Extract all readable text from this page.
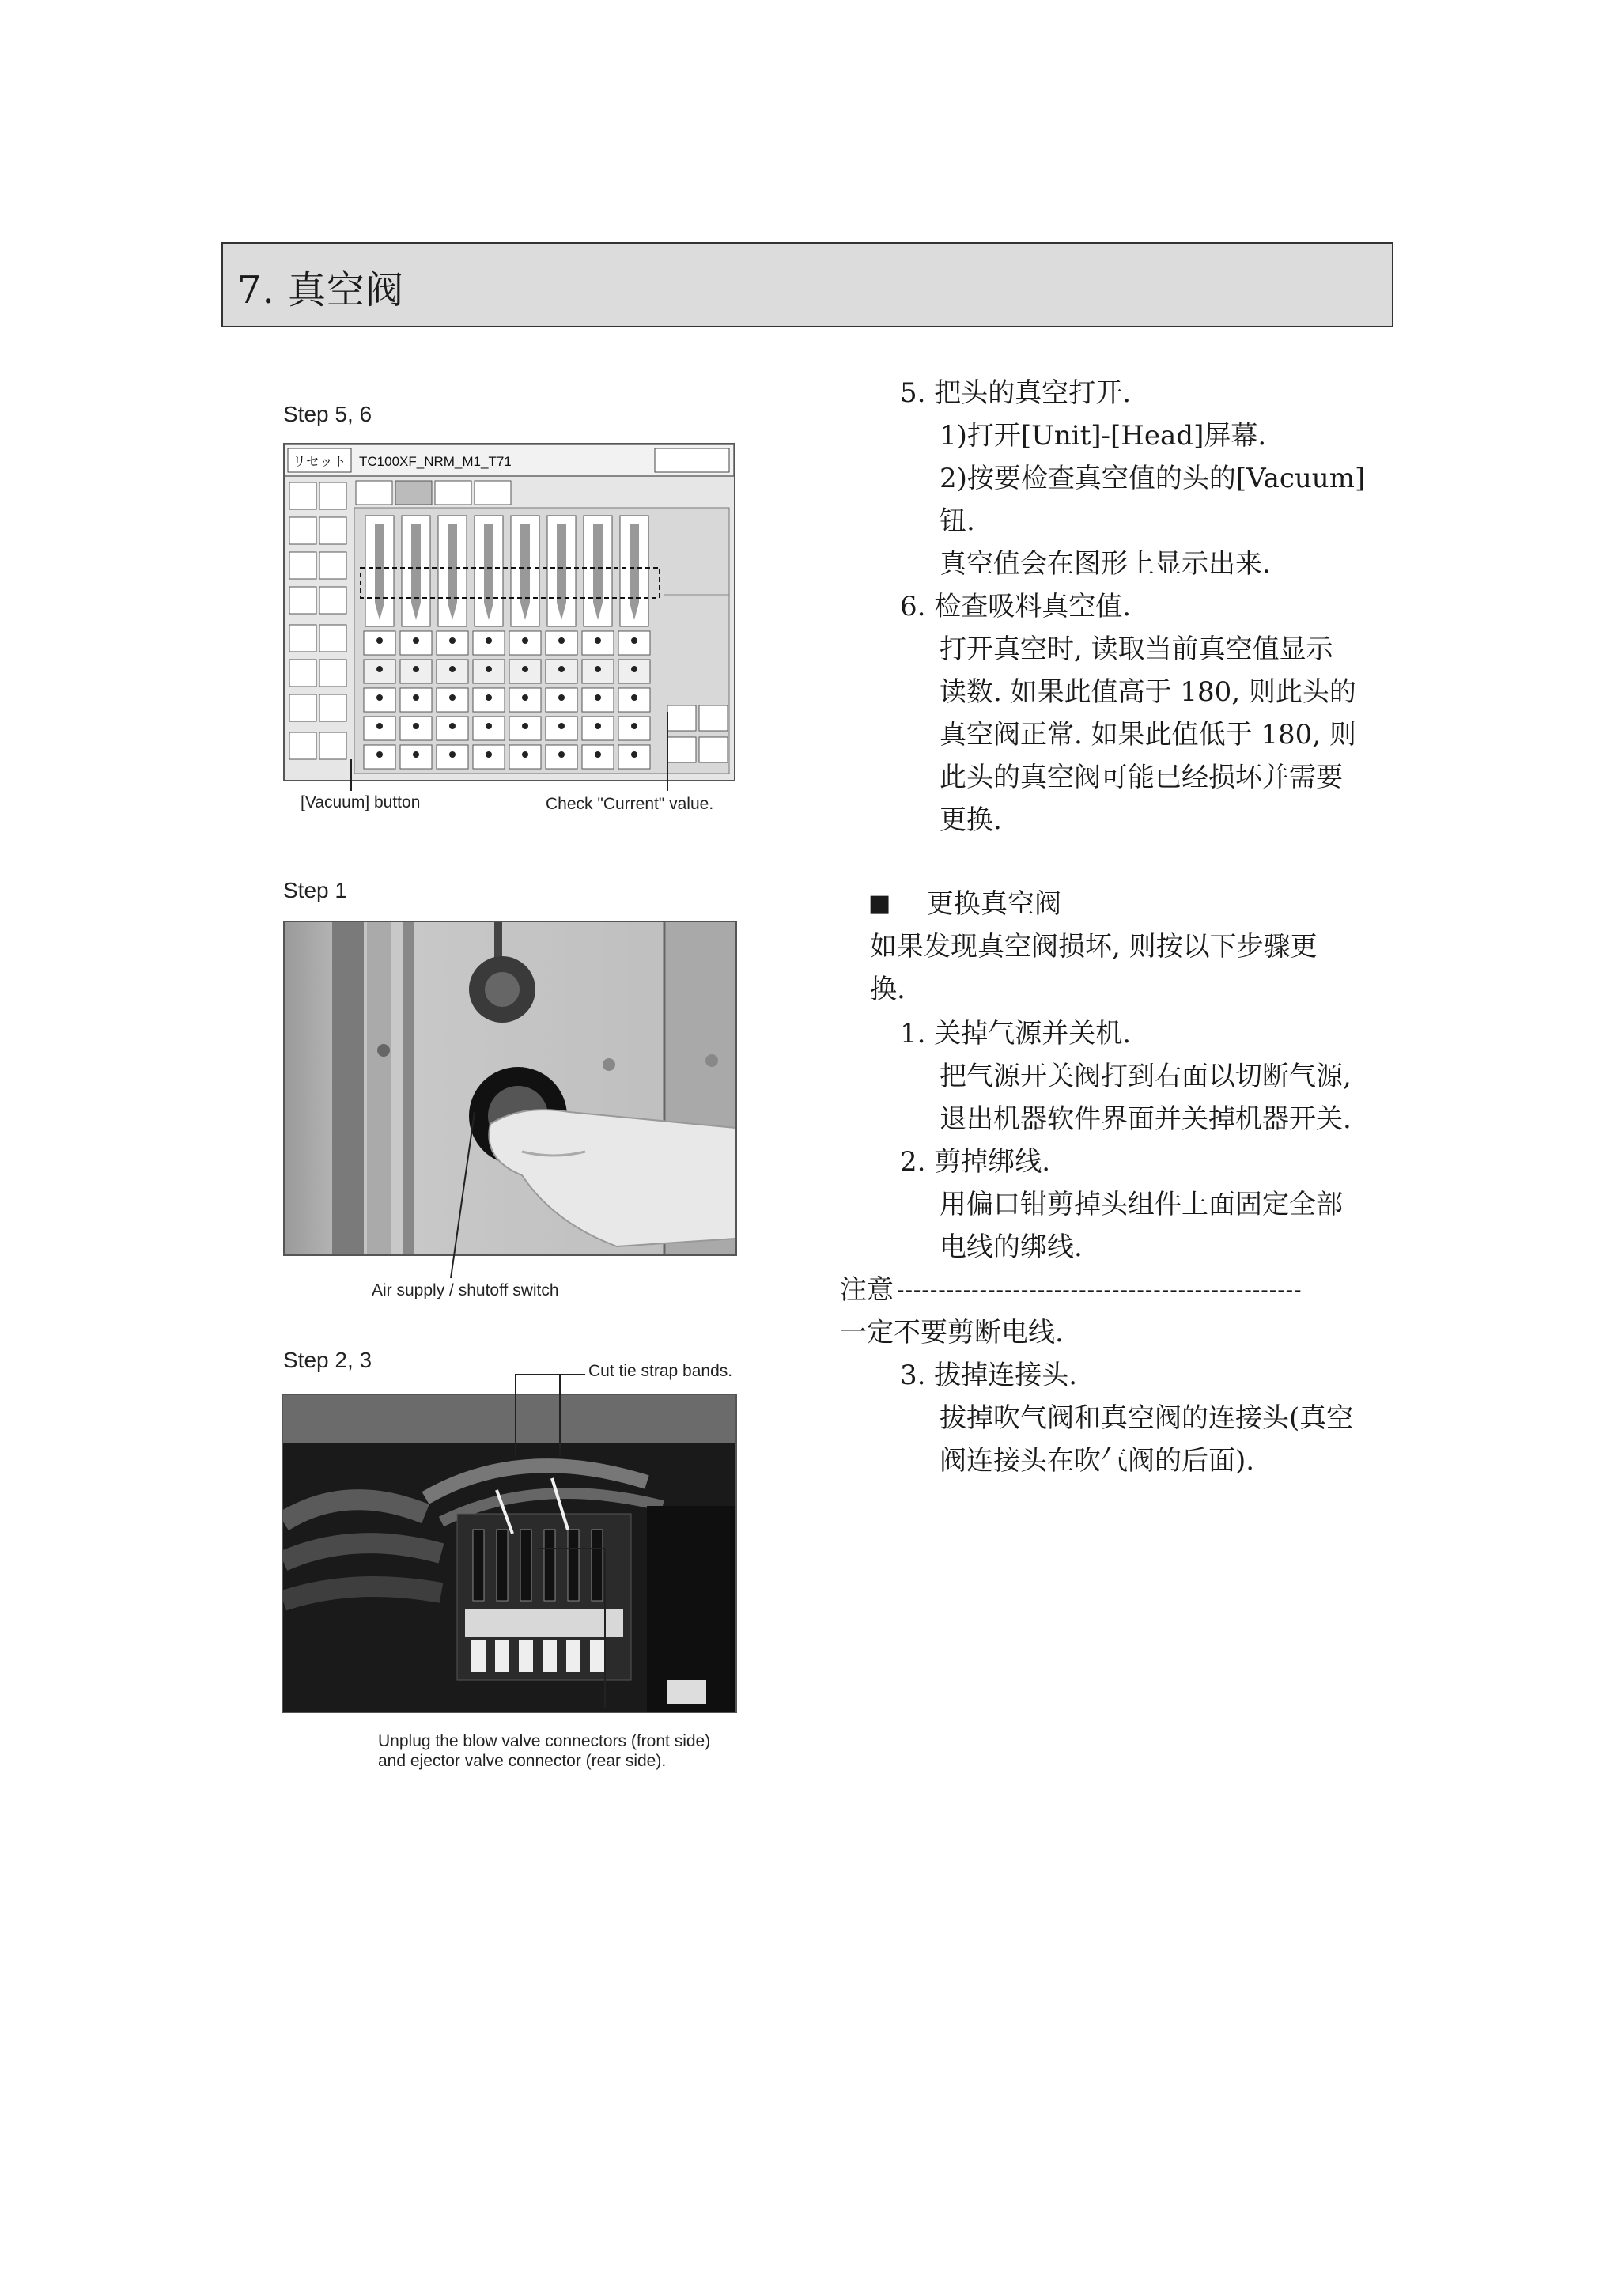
7. 真空阀
Step 5, 6
リセット TC100XF_NRM_M1_T71
[Vacuum] button	Check "Current" value.
Step 1
Air supply / shutoff switch
Step 2, 3	Cut tie strap bands.
Unplug the blow valve connectors (front side)
and ejector valve connector (rear side).
5. 把头的真空打开.
1)打开[Unit]-[Head]屏幕.
2)按要检查真空值的头的[Vacuum]
钮.
真空值会在图形上显示出来.
6. 检查吸料真空值.
打开真空时, 读取当前真空值显示
读数. 如果此值高于 180, 则此头的
真空阀正常. 如果此值低于 180, 则
此头的真空阀可能已经损坏并需要
更换.
■ 更换真空阀
如果发现真空阀损坏, 则按以下步骤更
换.
1. 关掉气源并关机.
把气源开关阀打到右面以切断气源,
退出机器软件界面并关掉机器开关.
2. 剪掉绑线.
用偏口钳剪掉头组件上面固定全部
电线的绑线.
注意 -------------------------------------------------
一定不要剪断电线.
3. 拔掉连接头.
拔掉吹气阀和真空阀的连接头(真空
阀连接头在吹气阀的后面).
